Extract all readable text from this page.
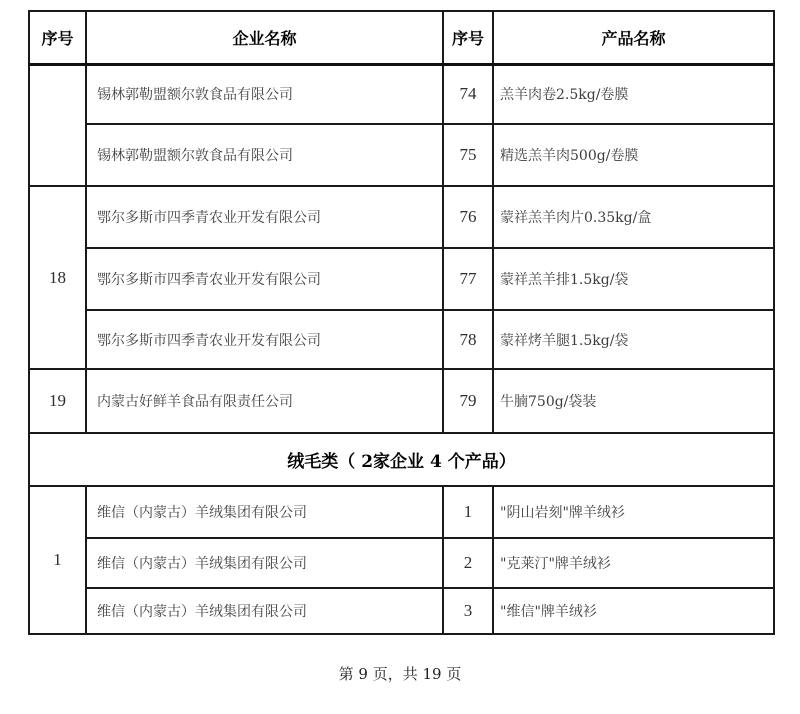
序号	企业名称	序号	产品名称
	锡林郭勒盟额尔敦食品有限公司	74	羔羊肉卷2.5kg/卷膜
	锡林郭勒盟额尔敦食品有限公司	75	精选羔羊肉500g/卷膜
18	鄂尔多斯市四季青农业开发有限公司	76	蒙祥羔羊肉片0.35kg/盒
	鄂尔多斯市四季青农业开发有限公司	77	蒙祥羔羊排1.5kg/袋
	鄂尔多斯市四季青农业开发有限公司	78	蒙祥烤羊腿1.5kg/袋
19	内蒙古好鲜羊食品有限责任公司	79	牛腩750g/袋装
绒毛类（ 2家企业 4 个产品）			
1	维信（内蒙古）羊绒集团有限公司	1	"阴山岩刻"牌羊绒衫
	维信（内蒙古）羊绒集团有限公司	2	"克莱汀"牌羊绒衫
	维信（内蒙古）羊绒集团有限公司	3	"维信"牌羊绒衫
第 9 页，共 19 页
